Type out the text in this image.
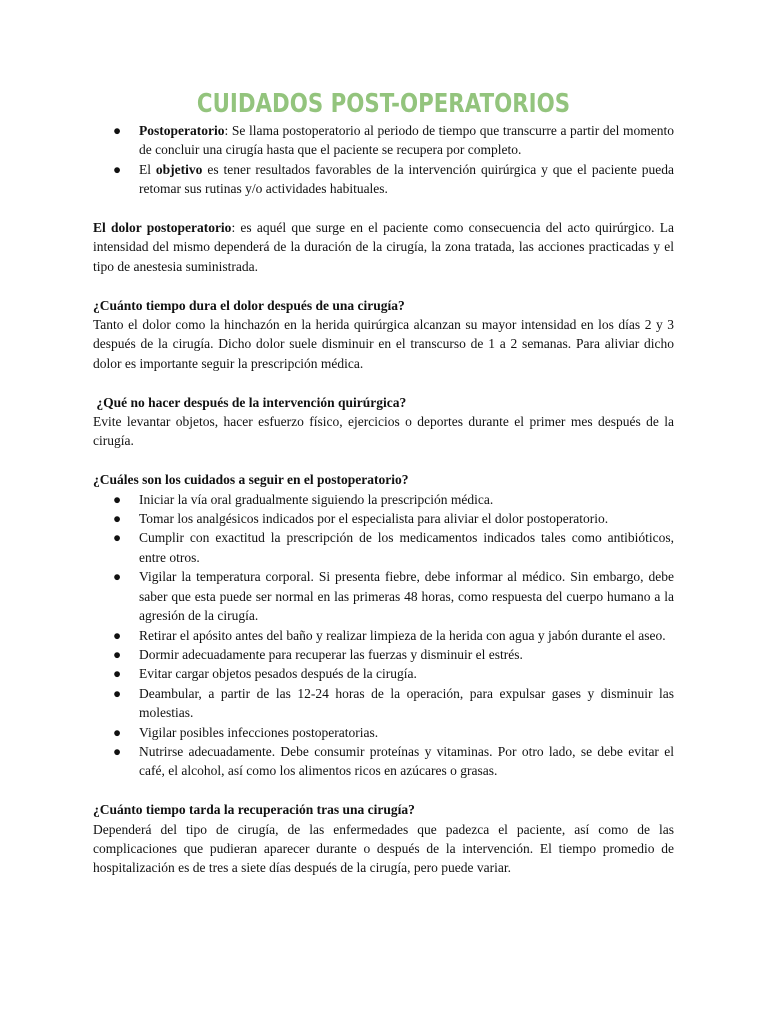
CUIDADOS POST-OPERATORIOS
● Postoperatorio: Se llama postoperatorio al periodo de tiempo que transcurre a partir del momento de concluir una cirugía hasta que el paciente se recupera por completo.
● El objetivo es tener resultados favorables de la intervención quirúrgica y que el paciente pueda retomar sus rutinas y/o actividades habituales.

El dolor postoperatorio: es aquél que surge en el paciente como consecuencia del acto quirúrgico. La intensidad del mismo dependerá de la duración de la cirugía, la zona tratada, las acciones practicadas y el tipo de anestesia suministrada.

¿Cuánto tiempo dura el dolor después de una cirugía?

Tanto el dolor como la hinchazón en la herida quirúrgica alcanzan su mayor intensidad en los días 2 y 3 después de la cirugía. Dicho dolor suele disminuir en el transcurso de 1 a 2 semanas. Para aliviar dicho dolor es importante seguir la prescripción médica.

¿Qué no hacer después de la intervención quirúrgica?

Evite levantar objetos, hacer esfuerzo físico, ejercicios o deportes durante el primer mes después de la cirugía.

¿Cuáles son los cuidados a seguir en el postoperatorio?

● Iniciar la vía oral gradualmente siguiendo la prescripción médica.
● Tomar los analgésicos indicados por el especialista para aliviar el dolor postoperatorio.
● Cumplir con exactitud la prescripción de los medicamentos indicados tales como antibióticos, entre otros.
● Vigilar la temperatura corporal. Si presenta fiebre, debe informar al médico. Sin embargo, debe saber que esta puede ser normal en las primeras 48 horas, como respuesta del cuerpo humano a la agresión de la cirugía.
● Retirar el apósito antes del baño y realizar limpieza de la herida con agua y jabón durante el aseo.
● Dormir adecuadamente para recuperar las fuerzas y disminuir el estrés.
● Evitar cargar objetos pesados después de la cirugía.
● Deambular, a partir de las 12-24 horas de la operación, para expulsar gases y disminuir las molestias.
● Vigilar posibles infecciones postoperatorias.
● Nutrirse adecuadamente. Debe consumir proteínas y vitaminas. Por otro lado, se debe evitar el café, el alcohol, así como los alimentos ricos en azúcares o grasas.

¿Cuánto tiempo tarda la recuperación tras una cirugía?

Dependerá del tipo de cirugía, de las enfermedades que padezca el paciente, así como de las complicaciones que pudieran aparecer durante o después de la intervención. El tiempo promedio de hospitalización es de tres a siete días después de la cirugía, pero puede variar.
